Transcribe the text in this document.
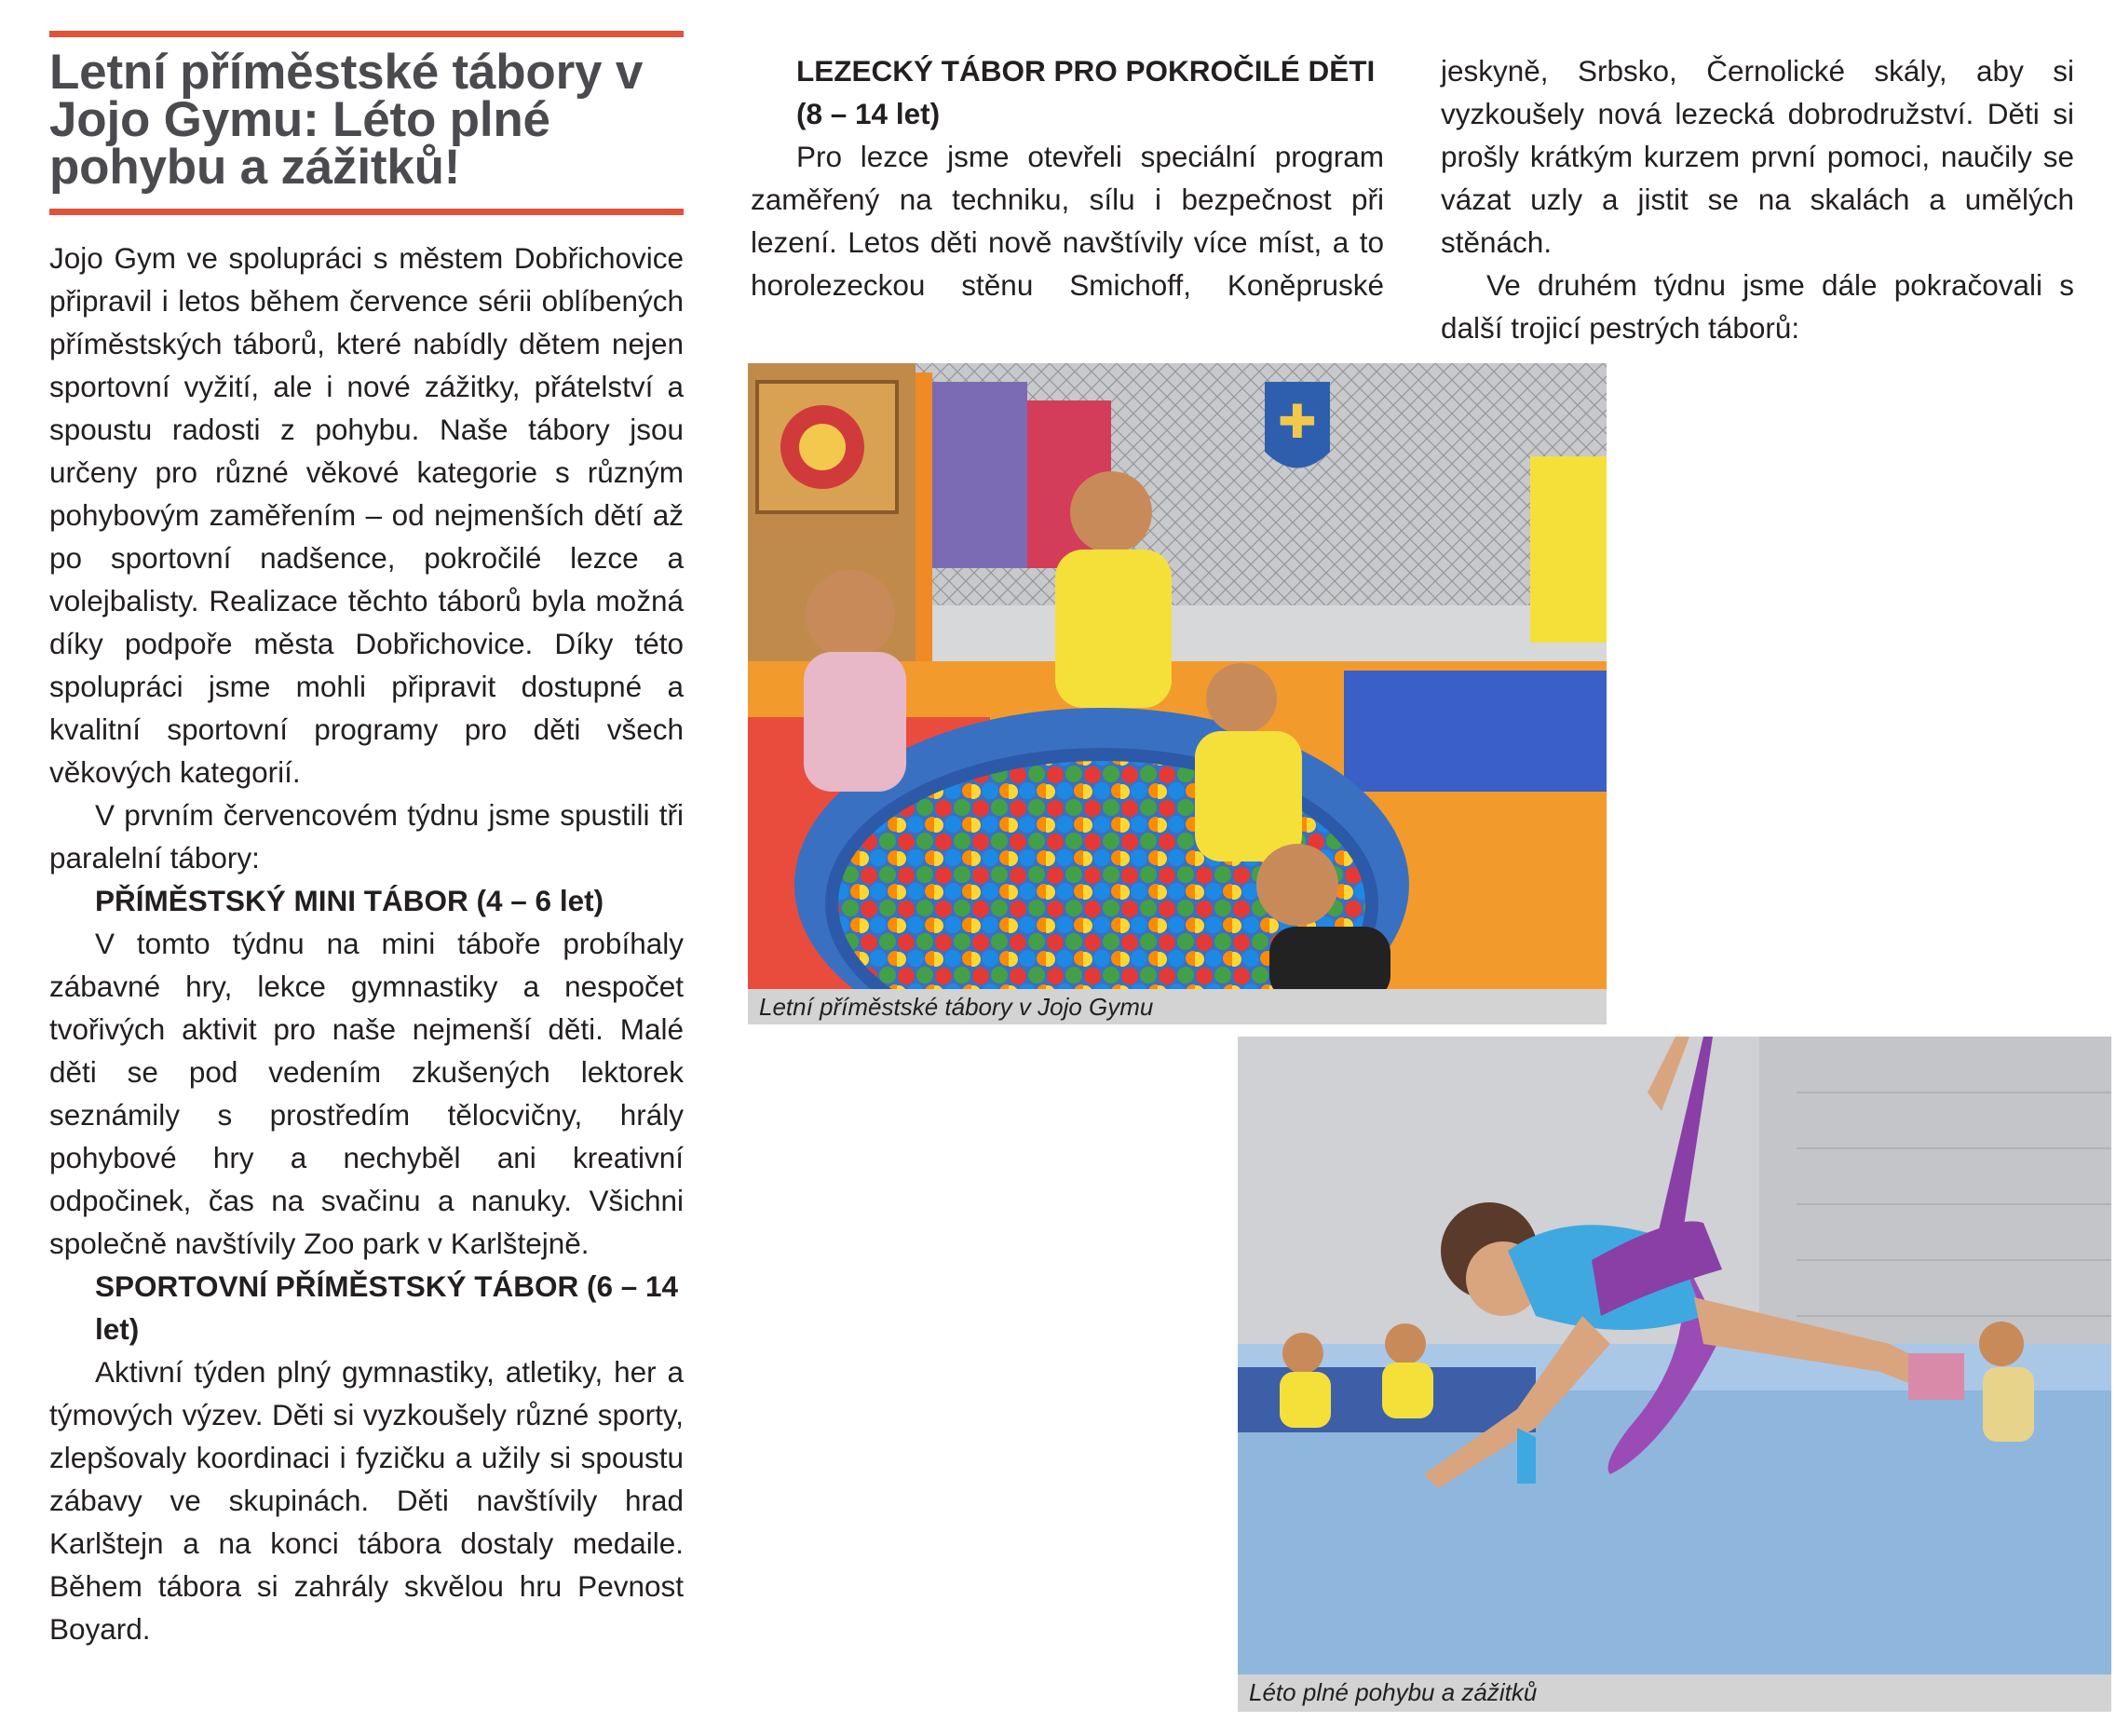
Letní příměstské tábory v Jojo Gymu: Léto plné pohybu a zážitků!

Jojo Gym ve spolupráci s městem Dobřichovice připravil i letos během července sérii oblíbených příměstských táborů, které nabídly dětem nejen sportovní vyžití, ale i nové zážitky, přátelství a spoustu radosti z pohybu. Naše tábory jsou určeny pro různé věkové kategorie s různým pohybovým zaměřením – od nejmenších dětí až po sportovní nadšence, pokročilé lezce a volejbalisty. Realizace těchto táborů byla možná díky podpoře města Dobřichovice. Díky této spolupráci jsme mohli připravit dostupné a kvalitní sportovní programy pro děti všech věkových kategorií.

V prvním červencovém týdnu jsme spustili tři paralelní tábory:

PŘÍMĚSTSKÝ MINI TÁBOR (4 – 6 let)

V tomto týdnu na mini táboře probíhaly zábavné hry, lekce gymnastiky a nespočet tvořivých aktivit pro naše nejmenší děti. Malé děti se pod vedením zkušených lektorek seznámily s prostředím tělocvičny, hrály pohybové hry a nechyběl ani kreativní odpočinek, čas na svačinu a nanuky. Všichni společně navštívily Zoo park v Karlštejně.

SPORTOVNÍ PŘÍMĚSTSKÝ TÁBOR (6 – 14 let)

Aktivní týden plný gymnastiky, atletiky, her a týmových výzev. Děti si vyzkoušely různé sporty, zlepšovaly koordinaci i fyzičku a užily si spoustu zábavy ve skupinách. Děti navštívily hrad Karlštejn a na konci tábora dostaly medaile. Během tábora si zahrály skvělou hru Pevnost Boyard.

LEZECKÝ TÁBOR PRO POKROČILÉ DĚTI (8 – 14 let)

Pro lezce jsme otevřeli speciální program zaměřený na techniku, sílu i bezpečnost při lezení. Letos děti nově navštívily více míst, a to horolezeckou stěnu Smichoff, Koněpruské

jeskyně, Srbsko, Černolické skály, aby si vyzkoušely nová lezecká dobrodružství. Děti si prošly krátkým kurzem první pomoci, naučily se vázat uzly a jistit se na skalách a umělých stěnách.

Ve druhém týdnu jsme dále pokračovali s další trojicí pestrých táborů:

✚
Letní příměstské tábory v Jojo Gymu
Léto plné pohybu a zážitků
